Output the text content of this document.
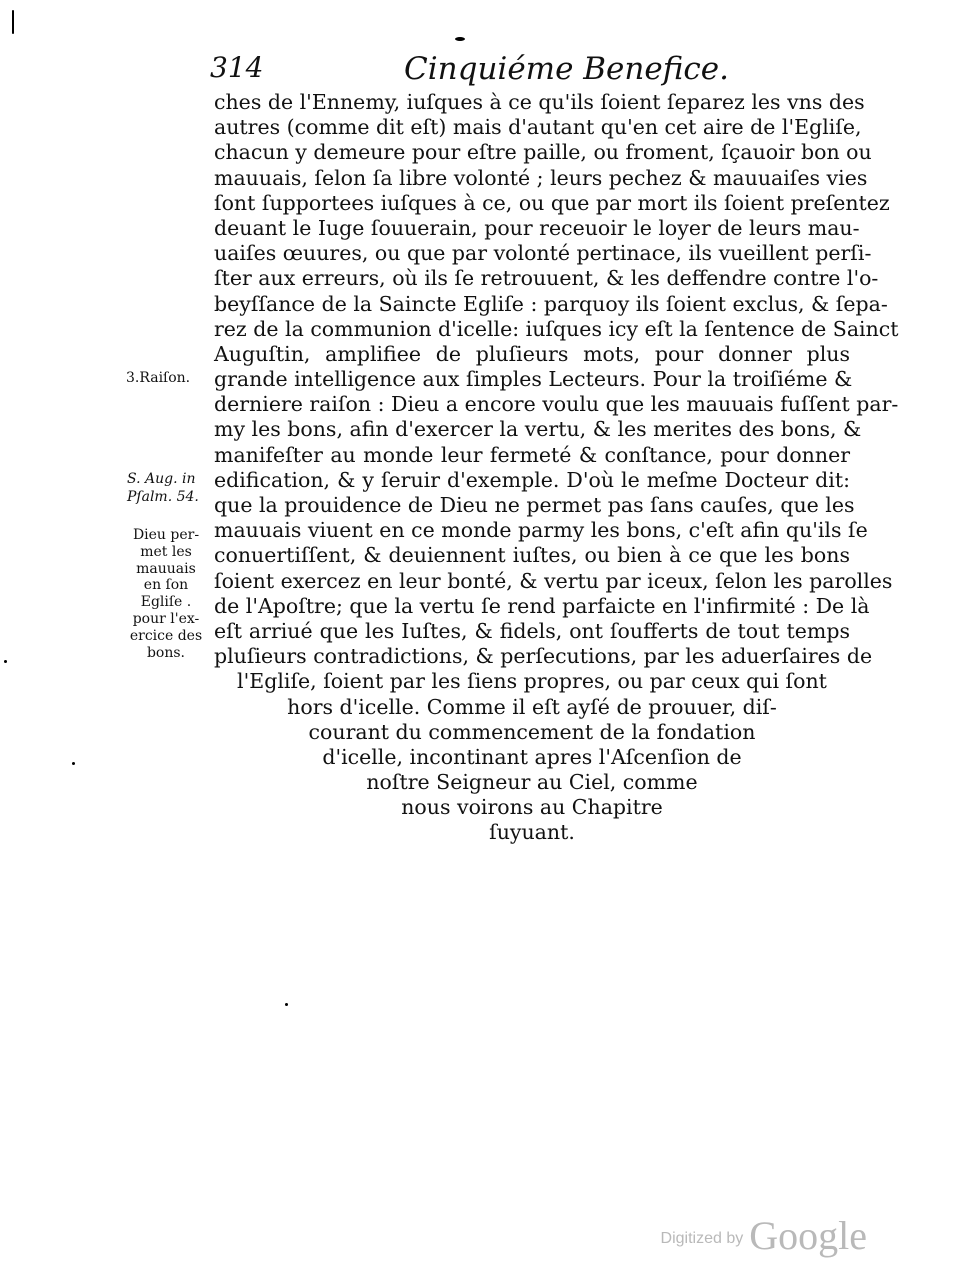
314	Cinquiéme Benefice.
ches de l'Ennemy, iuſques à ce qu'ils ſoient ſeparez les vns des
autres (comme dit eſt) mais d'autant qu'en cet aire de l'Egliſe,
chacun y demeure pour eſtre paille, ou froment, ſçauoir bon ou
mauuais, ſelon ſa libre volonté ; leurs pechez & mauuaiſes vies
ſont ſupportees iuſques à ce, ou que par mort ils ſoient preſentez
deuant le Iuge ſouuerain, pour receuoir le loyer de leurs mau-
uaiſes œuures, ou que par volonté pertinace, ils vueillent perſi-
ſter aux erreurs, où ils ſe retrouuent, & les deffendre contre l'o-
beyſſance de la Saincte Egliſe : parquoy ils ſoient exclus, & ſepa-
rez de la communion d'icelle: iuſques icy eſt la ſentence de Sainct
Auguſtin, amplifiee de pluſieurs mots, pour donner plus
grande intelligence aux ſimples Lecteurs. Pour la troiſiéme &
derniere raiſon : Dieu a encore voulu que les mauuais fuſſent par-
my les bons, afin d'exercer la vertu, & les merites des bons, &
manifeſter au monde leur fermeté & conſtance, pour donner
edification, & y ſeruir d'exemple. D'où le meſme Docteur dit:
que la prouidence de Dieu ne permet pas ſans cauſes, que les
mauuais viuent en ce monde parmy les bons, c'eſt afin qu'ils ſe
conuertiſſent, & deuiennent iuſtes, ou bien à ce que les bons
ſoient exercez en leur bonté, & vertu par iceux, ſelon les parolles
de l'Apoſtre; que la vertu ſe rend parfaicte en l'infirmité : De là
eſt arriué que les Iuſtes, & fidels, ont ſoufferts de tout temps
pluſieurs contradictions, & perſecutions, par les aduerſaires de
l'Egliſe, ſoient par les ſiens propres, ou par ceux qui ſont
hors d'icelle. Comme il eſt ayſé de prouuer, diſ-
courant du commencement de la fondation
d'icelle, incontinant apres l'Aſcenſion de
noſtre Seigneur au Ciel, comme
nous voirons au Chapitre
ſuyuant.
3.Raiſon.
S. Aug. in
Pſalm. 54.
Dieu per-
met les
mauuais
en ſon
Egliſe .
pour l'ex-
ercice des
bons.
Digitized by Google
